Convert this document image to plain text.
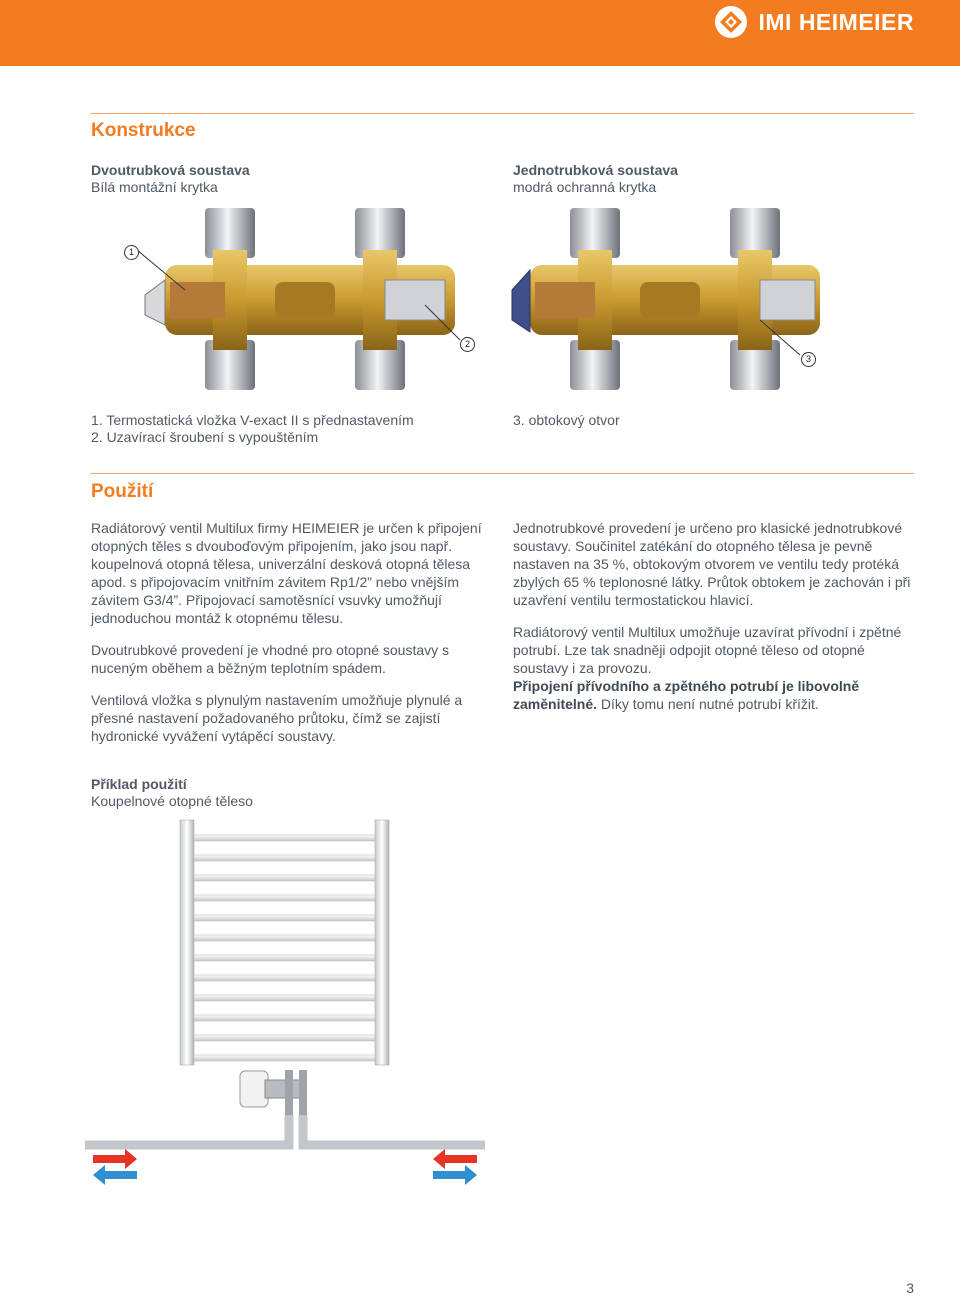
IMI HEIMEIER
Konstrukce
Dvoutrubková soustava
Bílá montážní krytka
Jednotrubková soustava
modrá ochranná krytka
1
2
3
1. Termostatická vložka V-exact II s přednastavením
2. Uzavírací šroubení s vypouštěním
3. obtokový otvor
Použití

Radiátorový ventil Multilux firmy HEIMEIER je určen k připojení otopných těles s dvouboďovým připojením, jako jsou např. koupelnová otopná tělesa, univerzální desková otopná tělesa apod. s připojovacím vnitřním závitem Rp1/2” nebo vnějším závitem G3/4”. Připojovací samotěsnící vsuvky umožňují jednoduchou montáž k otopnému tělesu.

Dvoutrubkové provedení je vhodné pro otopné soustavy s nuceným oběhem a běžným teplotním spádem.

Ventilová vložka s plynulým nastavením umožňuje plynulé a přesné nastavení požadovaného průtoku, čímž se zajistí hydronické vyvážení vytápěcí soustavy.

Jednotrubkové provedení je určeno pro klasické jednotrubkové soustavy. Součinitel zatékání do otopného tělesa je pevně nastaven na 35 %, obtokovým otvorem ve ventilu tedy protéká zbylých 65 % teplonosné látky. Průtok obtokem je zachován i při uzavření ventilu termostatickou hlavicí.

Radiátorový ventil Multilux umožňuje uzavírat přívodní i zpětné potrubí. Lze tak snadněji odpojit otopné těleso od otopné soustavy i za provozu.
Připojení přívodního a zpětného potrubí je libovolně zaměnitelné. Díky tomu není nutné potrubí křížit.

Příklad použití
Koupelnové otopné těleso
3
